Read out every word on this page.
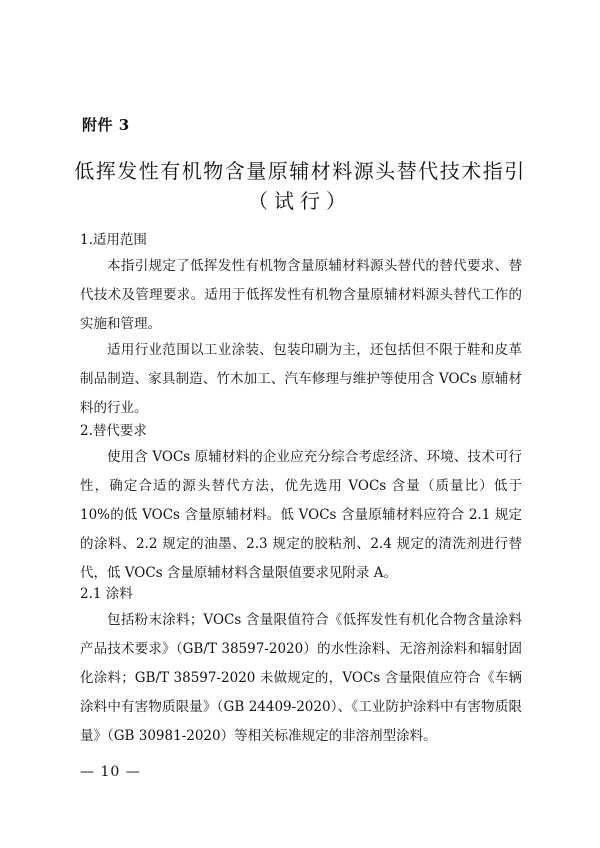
附件 3
低挥发性有机物含量原辅材料源头替代技术指引
（试行）
1.适用范围
本指引规定了低挥发性有机物含量原辅材料源头替代的替代要求、替代技术及管理要求。适用于低挥发性有机物含量原辅材料源头替代工作的实施和管理。
适用行业范围以工业涂装、包装印刷为主，还包括但不限于鞋和皮革制品制造、家具制造、竹木加工、汽车修理与维护等使用含 VOCs 原辅材料的行业。
2.替代要求
使用含 VOCs 原辅材料的企业应充分综合考虑经济、环境、技术可行性，确定合适的源头替代方法，优先选用 VOCs 含量（质量比）低于 10%的低 VOCs 含量原辅材料。低 VOCs 含量原辅材料应符合 2.1 规定的涂料、2.2 规定的油墨、2.3 规定的胶粘剂、2.4 规定的清洗剂进行替代，低 VOCs 含量原辅材料含量限值要求见附录 A。
2.1 涂料
包括粉末涂料；VOCs 含量限值符合《低挥发性有机化合物含量涂料产品技术要求》（GB/T 38597-2020）的水性涂料、无溶剂涂料和辐射固化涂料；GB/T 38597-2020 未做规定的，VOCs 含量限值应符合《车辆涂料中有害物质限量》（GB 24409-2020）、《工业防护涂料中有害物质限量》（GB 30981-2020）等相关标准规定的非溶剂型涂料。
— 10 —
